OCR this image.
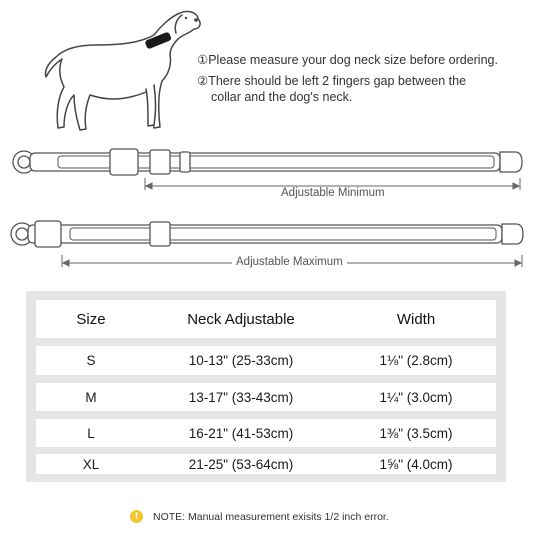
①Please measure your dog neck size before ordering.
②There should be left 2 fingers gap between the
collar and the dog's neck.
Adjustable Minimum
Adjustable Maximum
Size	Neck Adjustable	Width
S	10-13" (25-33cm)	1⅛" (2.8cm)
M	13-17" (33-43cm)	1¼" (3.0cm)
L	16-21" (41-53cm)	1⅜" (3.5cm)
XL	21-25" (53-64cm)	1⅝" (4.0cm)
!	NOTE: Manual measurement exisits 1/2 inch error.
